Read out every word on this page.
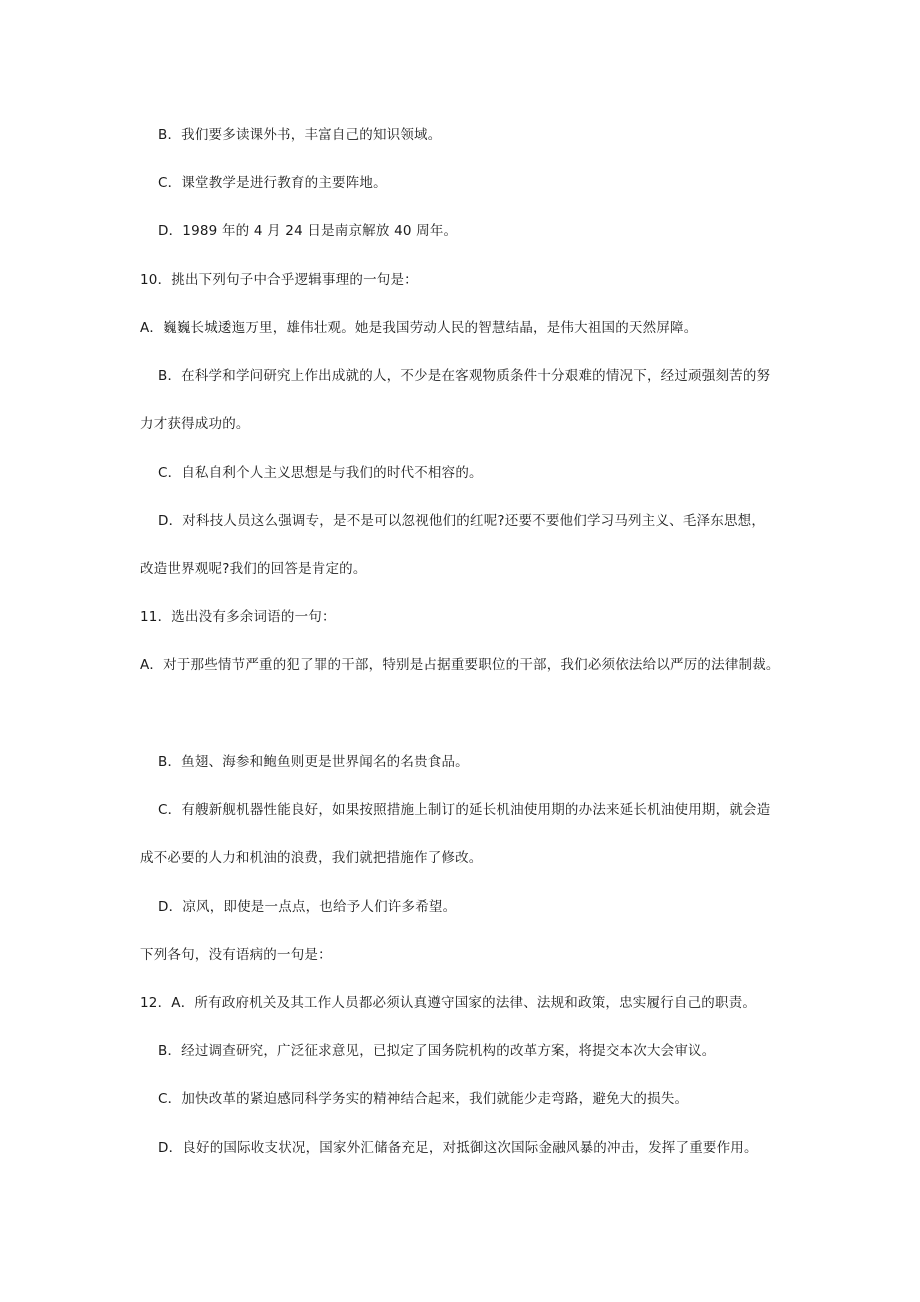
B．我们要多读课外书，丰富自己的知识领域。
C．课堂教学是进行教育的主要阵地。
D．1989 年的 4 月 24 日是南京解放 40 周年。
10．挑出下列句子中合乎逻辑事理的一句是：
A．巍巍长城逶迤万里，雄伟壮观。她是我国劳动人民的智慧结晶，是伟大祖国的天然屏障。
B．在科学和学问研究上作出成就的人，不少是在客观物质条件十分艰难的情况下，经过顽强刻苦的努
力才获得成功的。
C．自私自利个人主义思想是与我们的时代不相容的。
D．对科技人员这么强调专，是不是可以忽视他们的红呢?还要不要他们学习马列主义、毛泽东思想，
改造世界观呢?我们的回答是肯定的。
11．选出没有多余词语的一句：
A．对于那些情节严重的犯了罪的干部，特别是占据重要职位的干部，我们必须依法给以严厉的法律制裁。
B．鱼翅、海参和鲍鱼则更是世界闻名的名贵食品。
C．有艘新舰机器性能良好，如果按照措施上制订的延长机油使用期的办法来延长机油使用期，就会造
成不必要的人力和机油的浪费，我们就把措施作了修改。
D．凉风，即使是一点点，也给予人们许多希望。
下列各句，没有语病的一句是：
12．A．所有政府机关及其工作人员都必须认真遵守国家的法律、法规和政策，忠实履行自己的职责。
B．经过调查研究，广泛征求意见，已拟定了国务院机构的改革方案，将提交本次大会审议。
C．加快改革的紧迫感同科学务实的精神结合起来，我们就能少走弯路，避免大的损失。
D．良好的国际收支状况，国家外汇储备充足，对抵御这次国际金融风暴的冲击，发挥了重要作用。
